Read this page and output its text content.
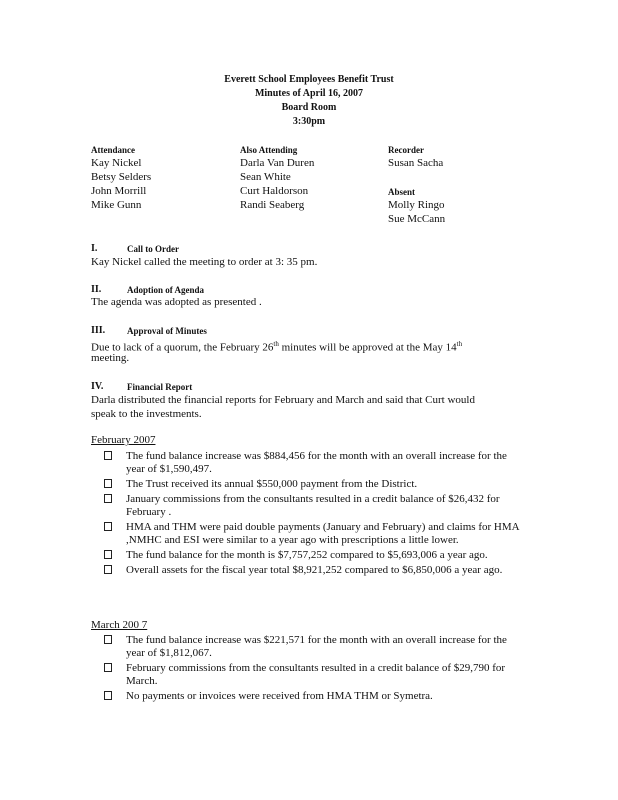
Everett School Employees Benefit Trust
Minutes of April 16, 2007
Board Room
3:30pm
Attendance
Kay Nickel
Betsy Selders
John Morrill
Mike Gunn
Also Attending
Darla Van Duren
Sean White
Curt Haldorson
Randi Seaberg
Recorder
Susan Sacha
Absent
Molly Ringo
Sue McCann
I.	Call to Order
Kay Nickel called the meeting to order at 3: 35 pm.
II.	Adoption of Agenda
The agenda was adopted as presented .
III. Approval of Minutes
Due to lack of a quorum, the February 26th minutes will be approved at the May 14th
meeting.
IV.	Financial Report
Darla distributed the financial reports for February and March and said that Curt would
speak to the investments.
February 2007
The fund balance increase was $884,456 for the month with an overall increase for the year of $1,590,497.
The Trust received its annual $550,000 payment from the District.
January commissions from the consultants resulted in a credit balance of $26,432 for February .
HMA and THM were paid double payments (January and February) and claims for HMA ,NMHC and ESI were similar to a year ago with prescriptions a little lower.
The fund balance for the month is $7,757,252 compared to $5,693,006 a year ago.
Overall assets for the fiscal year total $8,921,252 compared to $6,850,006 a year ago.
March 200 7
The fund balance increase was $221,571 for the month with an overall increase for the year of $1,812,067.
February commissions from the consultants resulted in a credit balance of $29,790 for March.
No payments or invoices were received from HMA THM or Symetra.
